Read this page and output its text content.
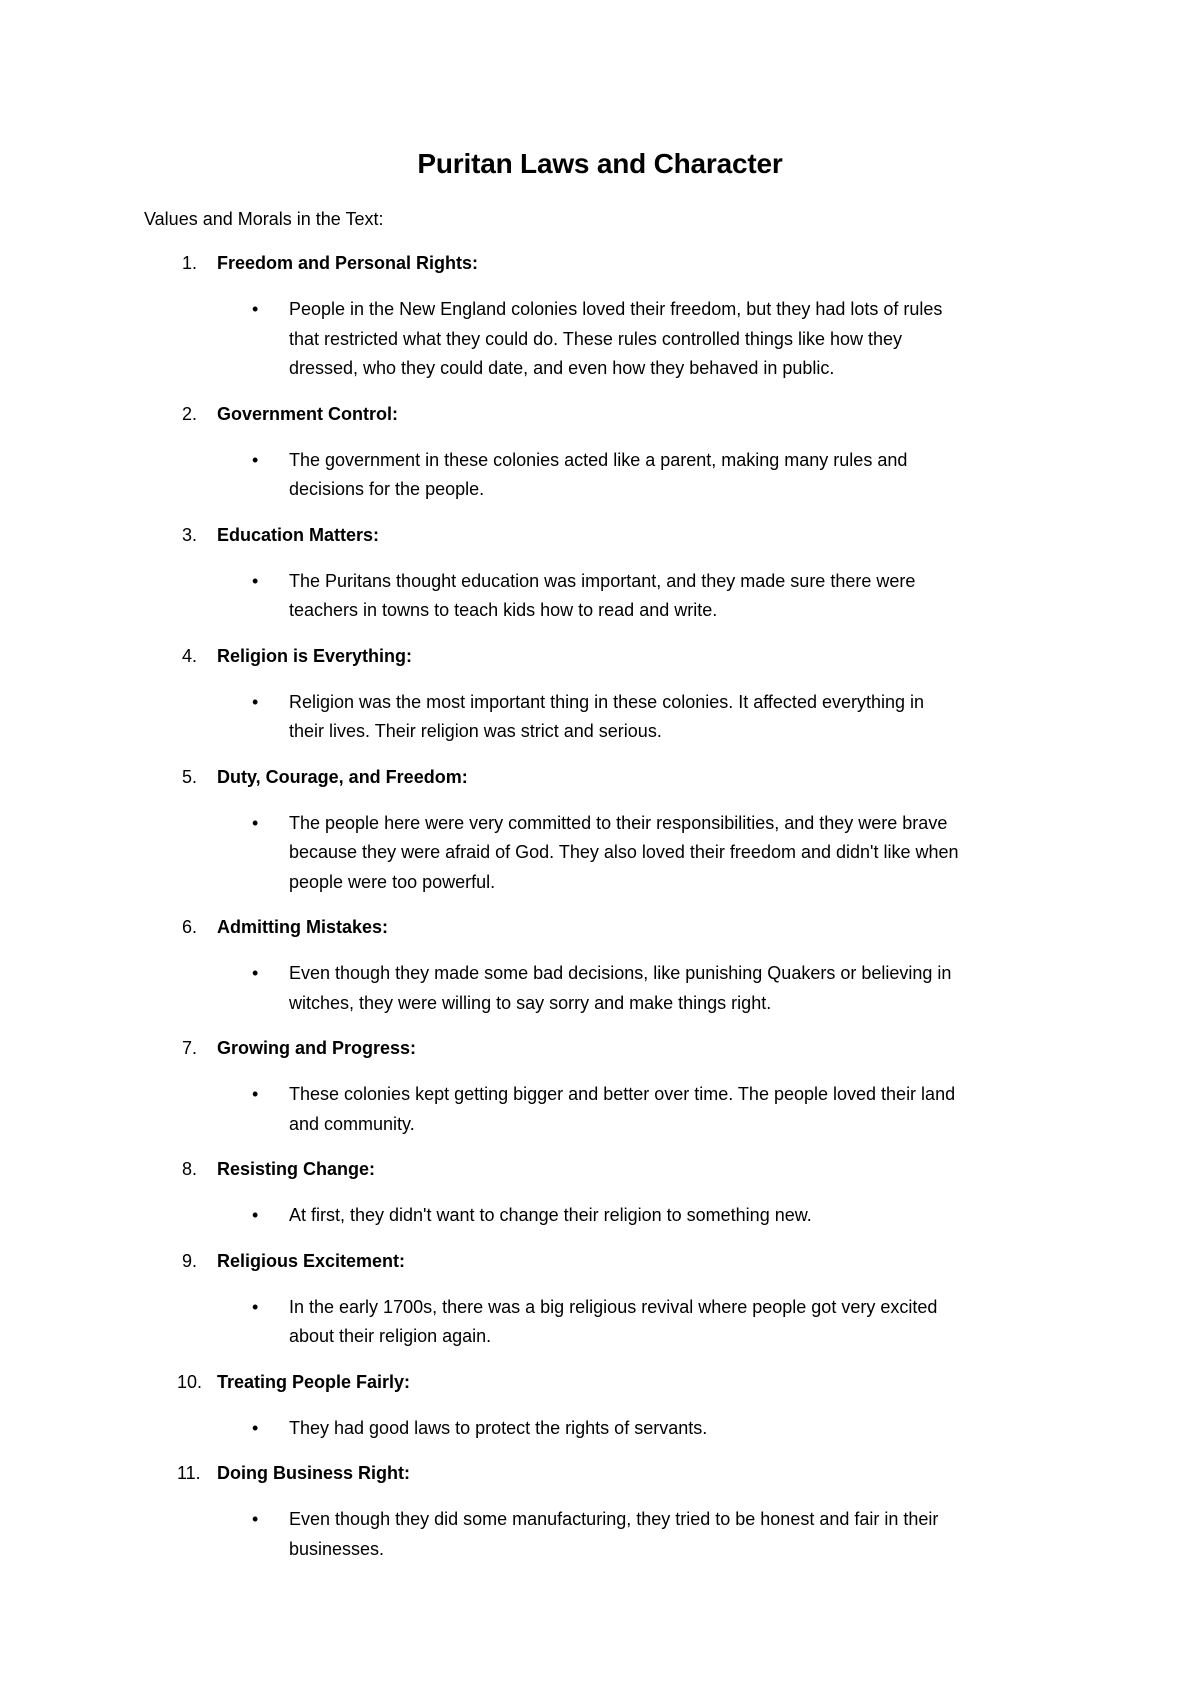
Puritan Laws and Character
Values and Morals in the Text:
1.	Freedom and Personal Rights:
• People in the New England colonies loved their freedom, but they had lots of rules
that restricted what they could do. These rules controlled things like how they
dressed, who they could date, and even how they behaved in public.
2.	Government Control:
• The government in these colonies acted like a parent, making many rules and
decisions for the people.
3.	Education Matters:
• The Puritans thought education was important, and they made sure there were
teachers in towns to teach kids how to read and write.
4.	Religion is Everything:
• Religion was the most important thing in these colonies. It affected everything in
their lives. Their religion was strict and serious.
5.	Duty, Courage, and Freedom:
• The people here were very committed to their responsibilities, and they were brave
because they were afraid of God. They also loved their freedom and didn't like when
people were too powerful.
6.	Admitting Mistakes:
• Even though they made some bad decisions, like punishing Quakers or believing in
witches, they were willing to say sorry and make things right.
7.	Growing and Progress:
• These colonies kept getting bigger and better over time. The people loved their land
and community.
8.	Resisting Change:
• At first, they didn't want to change their religion to something new.
9.	Religious Excitement:
• In the early 1700s, there was a big religious revival where people got very excited
about their religion again.
10. Treating People Fairly:
• They had good laws to protect the rights of servants.
11. Doing Business Right:
• Even though they did some manufacturing, they tried to be honest and fair in their
businesses.
